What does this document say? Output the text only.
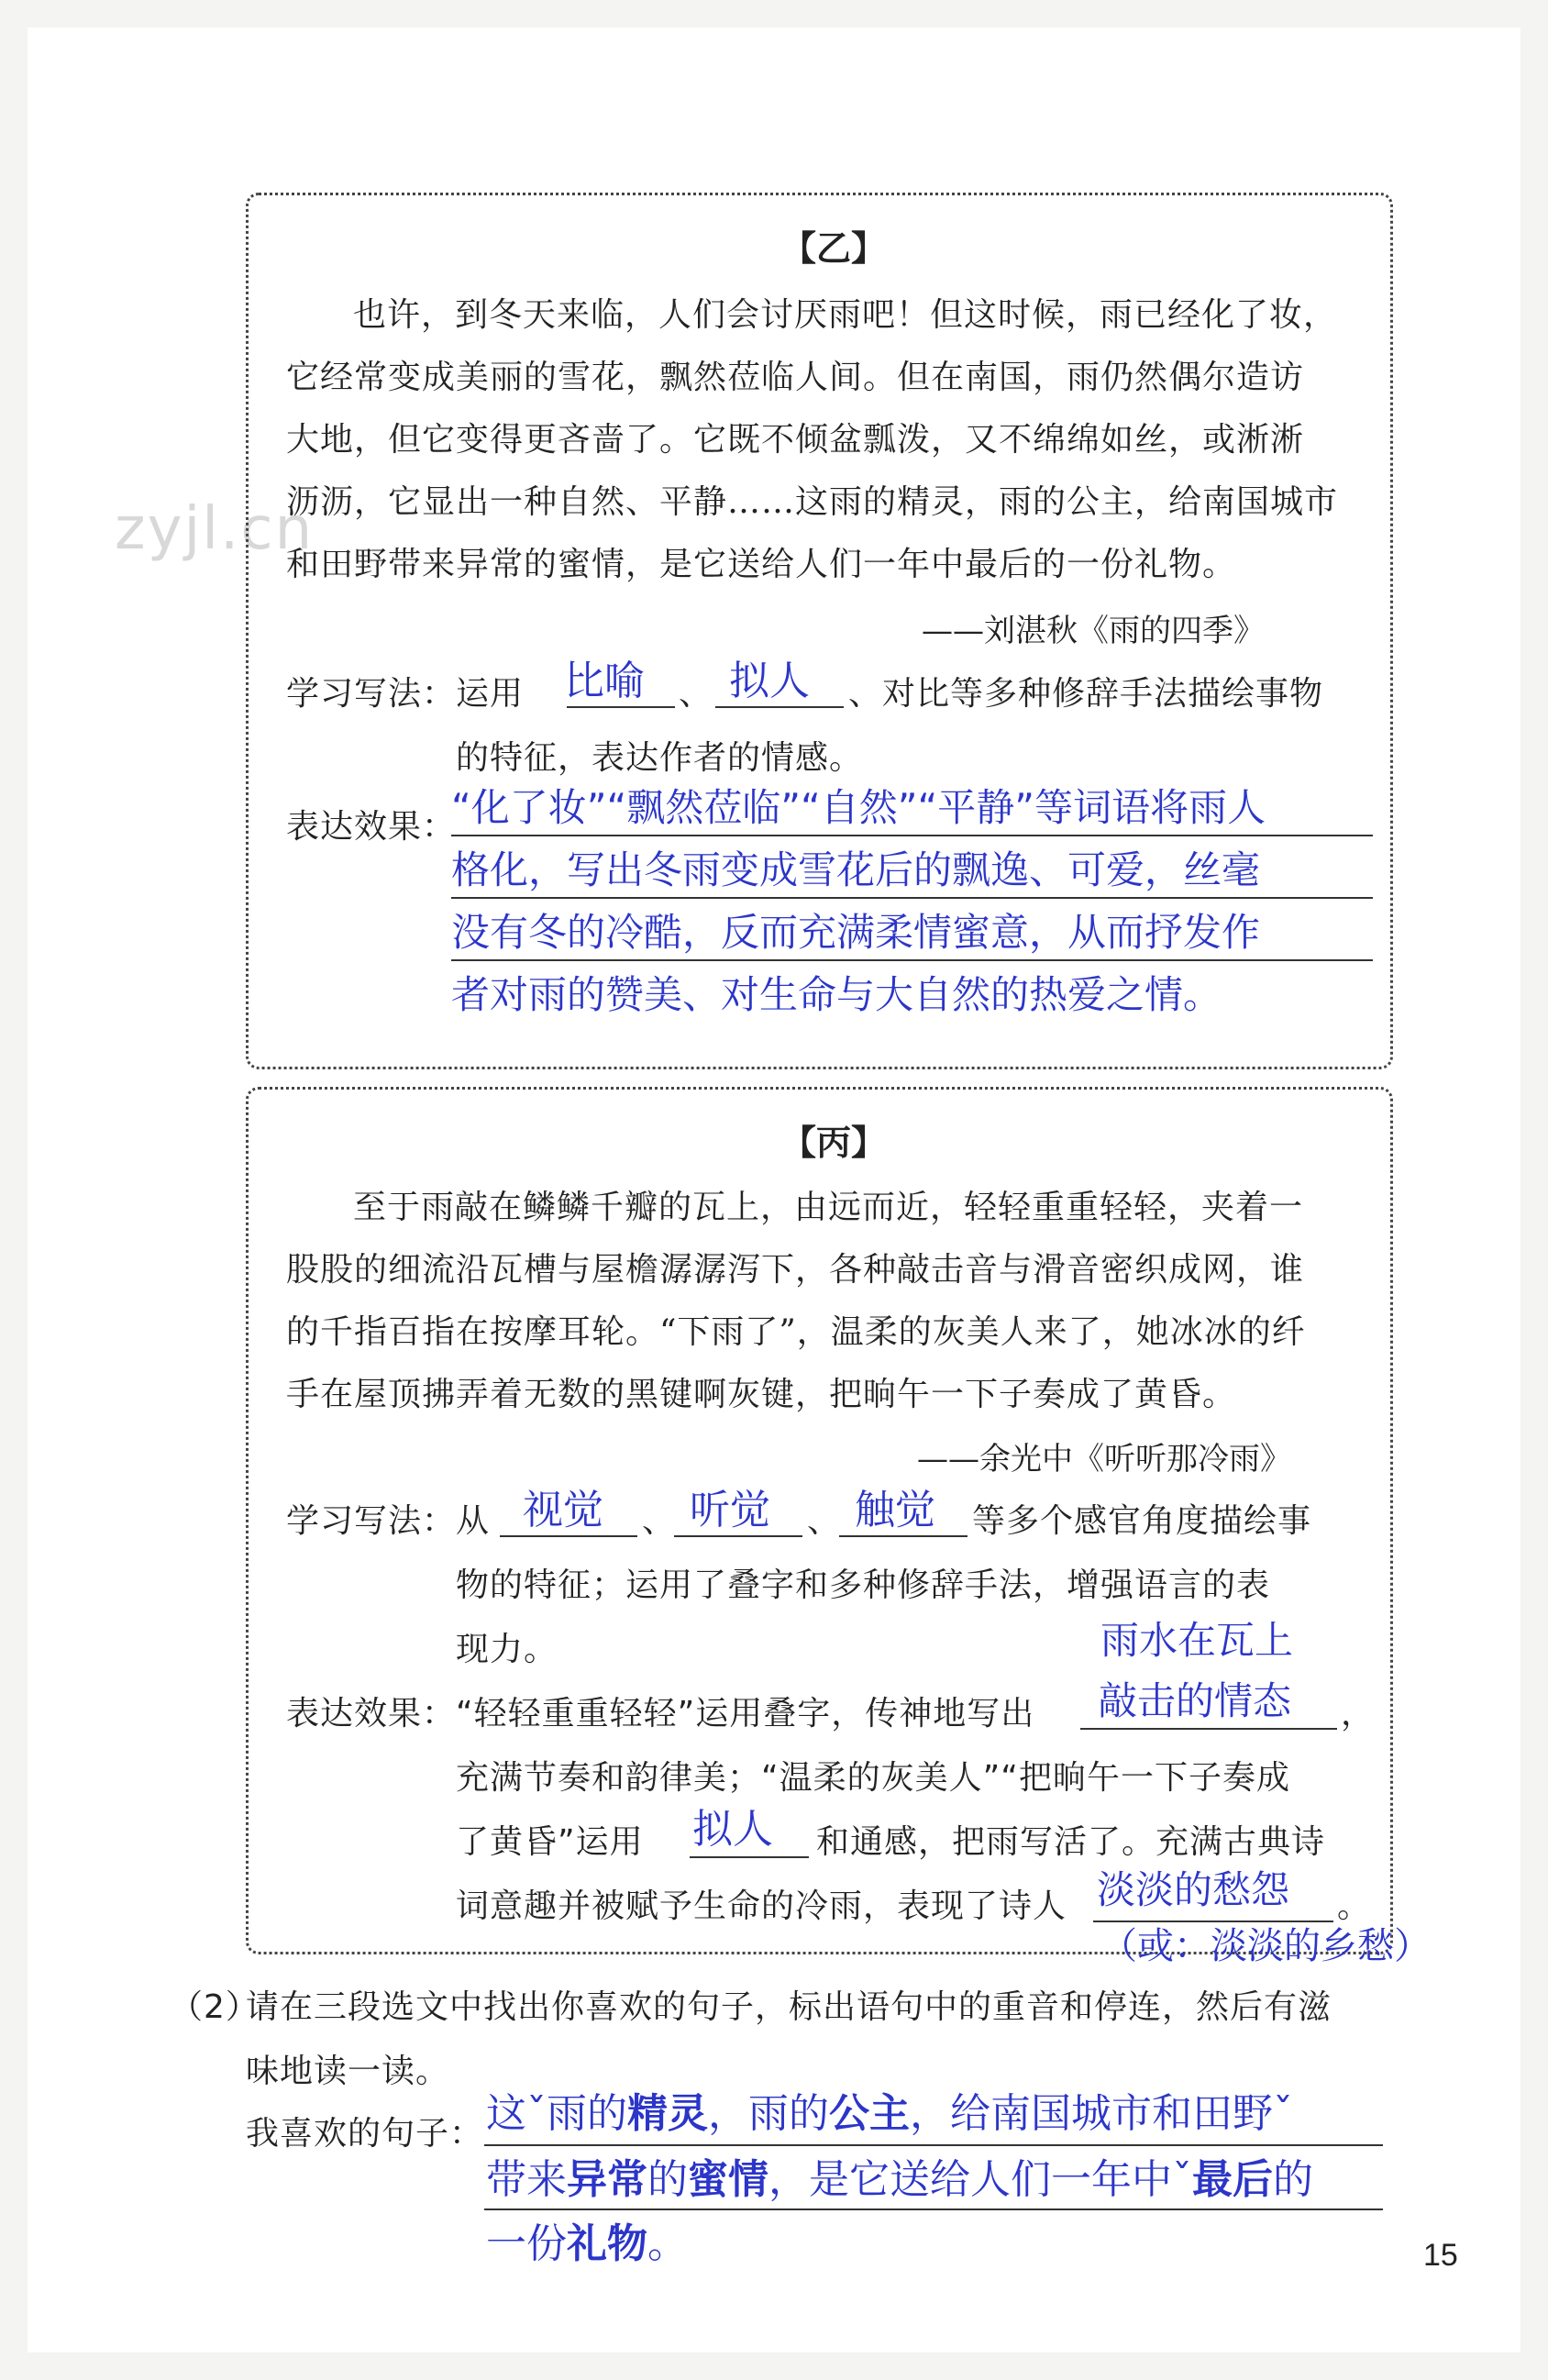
zyjl.cn
【乙】
也许，到冬天来临，人们会讨厌雨吧！但这时候，雨已经化了妆，
它经常变成美丽的雪花，飘然莅临人间。但在南国，雨仍然偶尔造访
大地，但它变得更吝啬了。它既不倾盆瓢泼，又不绵绵如丝，或淅淅
沥沥，它显出一种自然、平静……这雨的精灵，雨的公主，给南国城市
和田野带来异常的蜜情，是它送给人们一年中最后的一份礼物。
——刘湛秋《雨的四季》
学习写法：运用 比喻 、 拟人 、对比等多种修辞手法描绘事物
的特征，表达作者的情感。
表达效果：
“化了妆”“飘然莅临”“自然”“平静”等词语将雨人
格化，写出冬雨变成雪花后的飘逸、可爱，丝毫
没有冬的冷酷，反而充满柔情蜜意，从而抒发作
者对雨的赞美、对生命与大自然的热爱之情。
【丙】
至于雨敲在鳞鳞千瓣的瓦上，由远而近，轻轻重重轻轻，夹着一
股股的细流沿瓦槽与屋檐潺潺泻下，各种敲击音与滑音密织成网，谁
的千指百指在按摩耳轮。“下雨了”，温柔的灰美人来了，她冰冰的纤
手在屋顶拂弄着无数的黑键啊灰键，把晌午一下子奏成了黄昏。
——余光中《听听那冷雨》
学习写法：从 视觉 、 听觉 、 触觉 等多个感官角度描绘事
物的特征；运用了叠字和多种修辞手法，增强语言的表
现力。	雨水在瓦上
表达效果：“轻轻重重轻轻”运用叠字，传神地写出 敲击的情态 ，
充满节奏和韵律美；“温柔的灰美人”“把晌午一下子奏成
了黄昏”运用 拟人 和通感，把雨写活了。充满古典诗
词意趣并被赋予生命的冷雨，表现了诗人 淡淡的愁怨 。
（或：淡淡的乡愁）
（2）
请在三段选文中找出你喜欢的句子，标出语句中的重音和停连，然后有滋
味地读一读。
我喜欢的句子： 这ˇ雨的精灵，雨的公主，给南国城市和田野ˇ
带来异常的蜜情，是它送给人们一年中ˇ最后的
一份礼物。	15
